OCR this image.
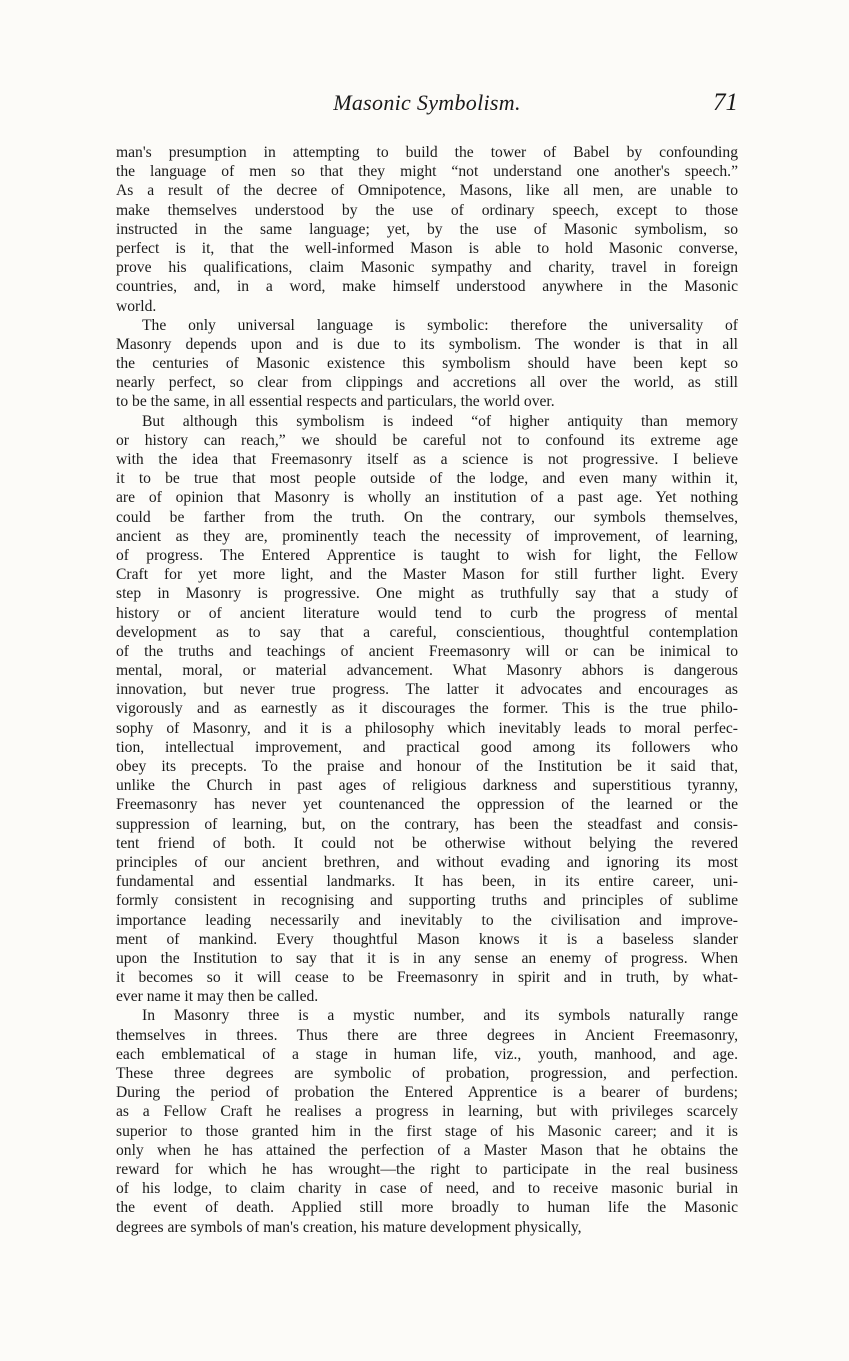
Masonic Symbolism.	71
man's presumption in attempting to build the tower of Babel by confounding
the language of men so that they might “not understand one another's speech.”
As a result of the decree of Omnipotence, Masons, like all men, are unable to
make themselves understood by the use of ordinary speech, except to those
instructed in the same language; yet, by the use of Masonic symbolism, so
perfect is it, that the well-informed Mason is able to hold Masonic converse,
prove his qualifications, claim Masonic sympathy and charity, travel in foreign
countries, and, in a word, make himself understood anywhere in the Masonic
world.
The only universal language is symbolic: therefore the universality of
Masonry depends upon and is due to its symbolism. The wonder is that in all
the centuries of Masonic existence this symbolism should have been kept so
nearly perfect, so clear from clippings and accretions all over the world, as still
to be the same, in all essential respects and particulars, the world over.
But although this symbolism is indeed “of higher antiquity than memory
or history can reach,” we should be careful not to confound its extreme age
with the idea that Freemasonry itself as a science is not progressive. I believe
it to be true that most people outside of the lodge, and even many within it,
are of opinion that Masonry is wholly an institution of a past age. Yet nothing
could be farther from the truth. On the contrary, our symbols themselves,
ancient as they are, prominently teach the necessity of improvement, of learning,
of progress. The Entered Apprentice is taught to wish for light, the Fellow
Craft for yet more light, and the Master Mason for still further light. Every
step in Masonry is progressive. One might as truthfully say that a study of
history or of ancient literature would tend to curb the progress of mental
development as to say that a careful, conscientious, thoughtful contemplation
of the truths and teachings of ancient Freemasonry will or can be inimical to
mental, moral, or material advancement. What Masonry abhors is dangerous
innovation, but never true progress. The latter it advocates and encourages as
vigorously and as earnestly as it discourages the former. This is the true philo-
sophy of Masonry, and it is a philosophy which inevitably leads to moral perfec-
tion, intellectual improvement, and practical good among its followers who
obey its precepts. To the praise and honour of the Institution be it said that,
unlike the Church in past ages of religious darkness and superstitious tyranny,
Freemasonry has never yet countenanced the oppression of the learned or the
suppression of learning, but, on the contrary, has been the steadfast and consis-
tent friend of both. It could not be otherwise without belying the revered
principles of our ancient brethren, and without evading and ignoring its most
fundamental and essential landmarks. It has been, in its entire career, uni-
formly consistent in recognising and supporting truths and principles of sublime
importance leading necessarily and inevitably to the civilisation and improve-
ment of mankind. Every thoughtful Mason knows it is a baseless slander
upon the Institution to say that it is in any sense an enemy of progress. When
it becomes so it will cease to be Freemasonry in spirit and in truth, by what-
ever name it may then be called.
In Masonry three is a mystic number, and its symbols naturally range
themselves in threes. Thus there are three degrees in Ancient Freemasonry,
each emblematical of a stage in human life, viz., youth, manhood, and age.
These three degrees are symbolic of probation, progression, and perfection.
During the period of probation the Entered Apprentice is a bearer of burdens;
as a Fellow Craft he realises a progress in learning, but with privileges scarcely
superior to those granted him in the first stage of his Masonic career; and it is
only when he has attained the perfection of a Master Mason that he obtains the
reward for which he has wrought—the right to participate in the real business
of his lodge, to claim charity in case of need, and to receive masonic burial in
the event of death. Applied still more broadly to human life the Masonic
degrees are symbols of man's creation, his mature development physically,
